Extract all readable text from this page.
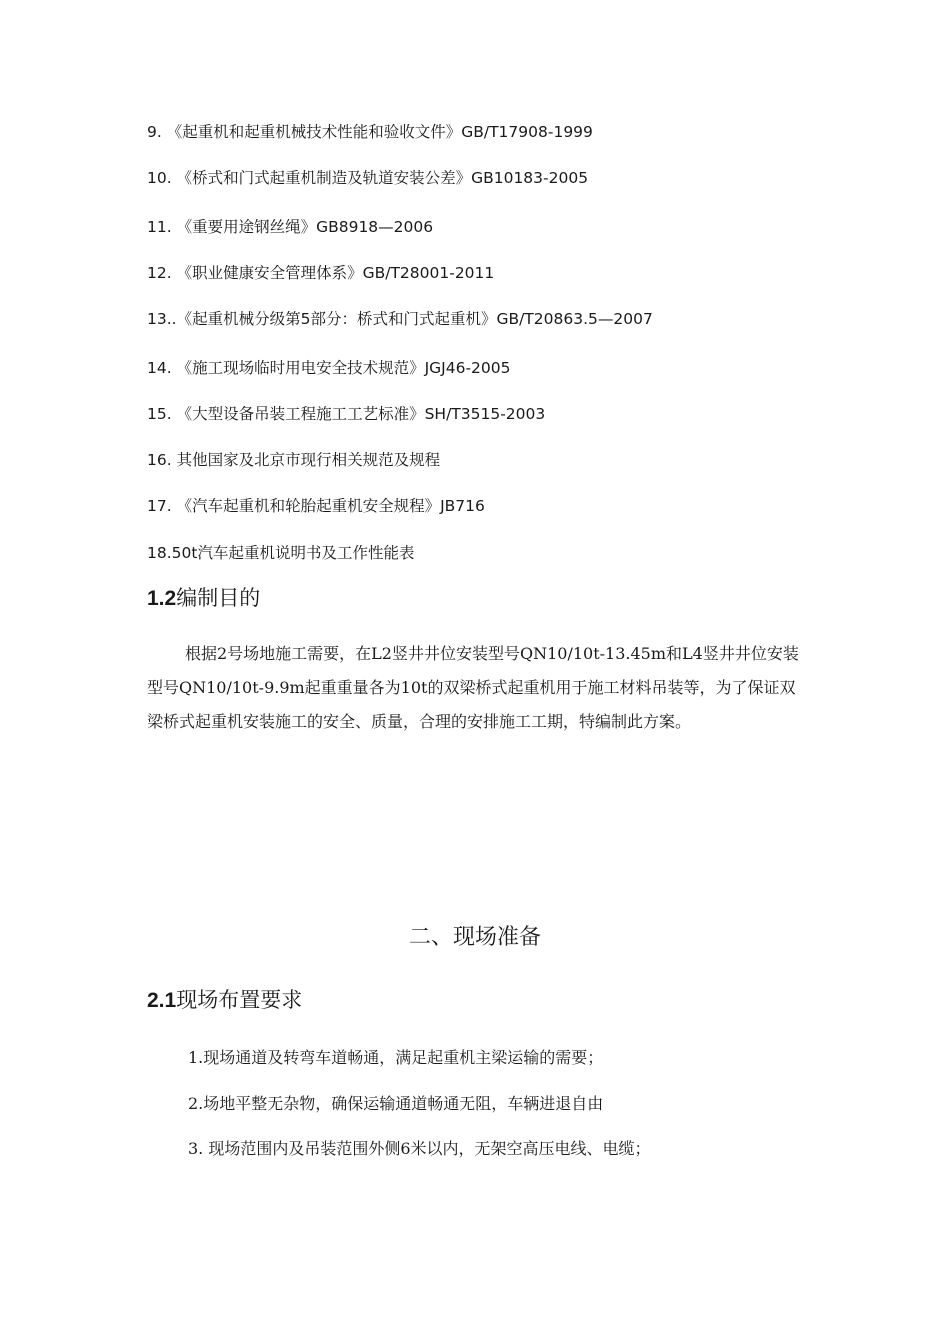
9. 《起重机和起重机械技术性能和验收文件》GB/T17908-1999
10. 《桥式和门式起重机制造及轨道安装公差》GB10183-2005
11. 《重要用途钢丝绳》GB8918—2006
12. 《职业健康安全管理体系》GB/T28001-2011
13..《起重机械分级第5部分：桥式和门式起重机》GB/T20863.5—2007
14. 《施工现场临时用电安全技术规范》JGJ46-2005
15. 《大型设备吊装工程施工工艺标准》SH/T3515-2003
16. 其他国家及北京市现行相关规范及规程
17. 《汽车起重机和轮胎起重机安全规程》JB716
18.50t汽车起重机说明书及工作性能表
1.2编制目的

根据2号场地施工需要，在L2竖井井位安装型号QN10/10t-13.45m和L4竖井井位安装型号QN10/10t-9.9m起重重量各为10t的双梁桥式起重机用于施工材料吊装等，为了保证双梁桥式起重机安装施工的安全、质量，合理的安排施工工期，特编制此方案。

二、现场准备
2.1现场布置要求
1.现场通道及转弯车道畅通，满足起重机主梁运输的需要；
2.场地平整无杂物，确保运输通道畅通无阻，车辆进退自由
3. 现场范围内及吊装范围外侧6米以内，无架空高压电线、电缆；
